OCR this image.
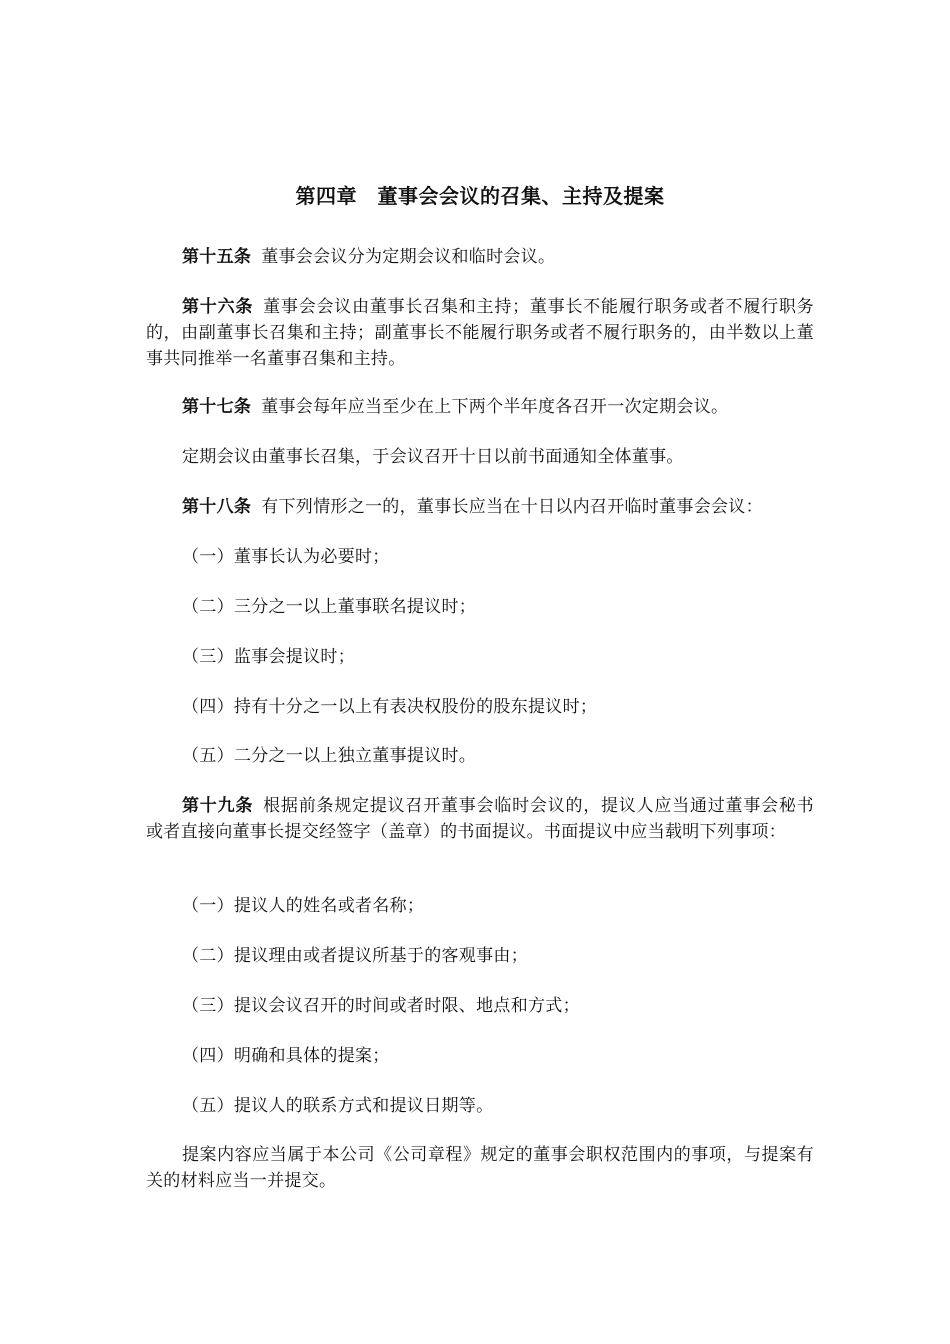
第四章　董事会会议的召集、主持及提案
第十五条 董事会会议分为定期会议和临时会议。
第十六条 董事会会议由董事长召集和主持；董事长不能履行职务或者不履行职务的，由副董事长召集和主持；副董事长不能履行职务或者不履行职务的，由半数以上董事共同推举一名董事召集和主持。
第十七条 董事会每年应当至少在上下两个半年度各召开一次定期会议。
定期会议由董事长召集，于会议召开十日以前书面通知全体董事。
第十八条 有下列情形之一的，董事长应当在十日以内召开临时董事会会议：
（一）董事长认为必要时；
（二）三分之一以上董事联名提议时；
（三）监事会提议时；
（四）持有十分之一以上有表决权股份的股东提议时；
（五）二分之一以上独立董事提议时。
第十九条 根据前条规定提议召开董事会临时会议的，提议人应当通过董事会秘书或者直接向董事长提交经签字（盖章）的书面提议。书面提议中应当载明下列事项：
（一）提议人的姓名或者名称；
（二）提议理由或者提议所基于的客观事由；
（三）提议会议召开的时间或者时限、地点和方式；
（四）明确和具体的提案；
（五）提议人的联系方式和提议日期等。
提案内容应当属于本公司《公司章程》规定的董事会职权范围内的事项，与提案有关的材料应当一并提交。
